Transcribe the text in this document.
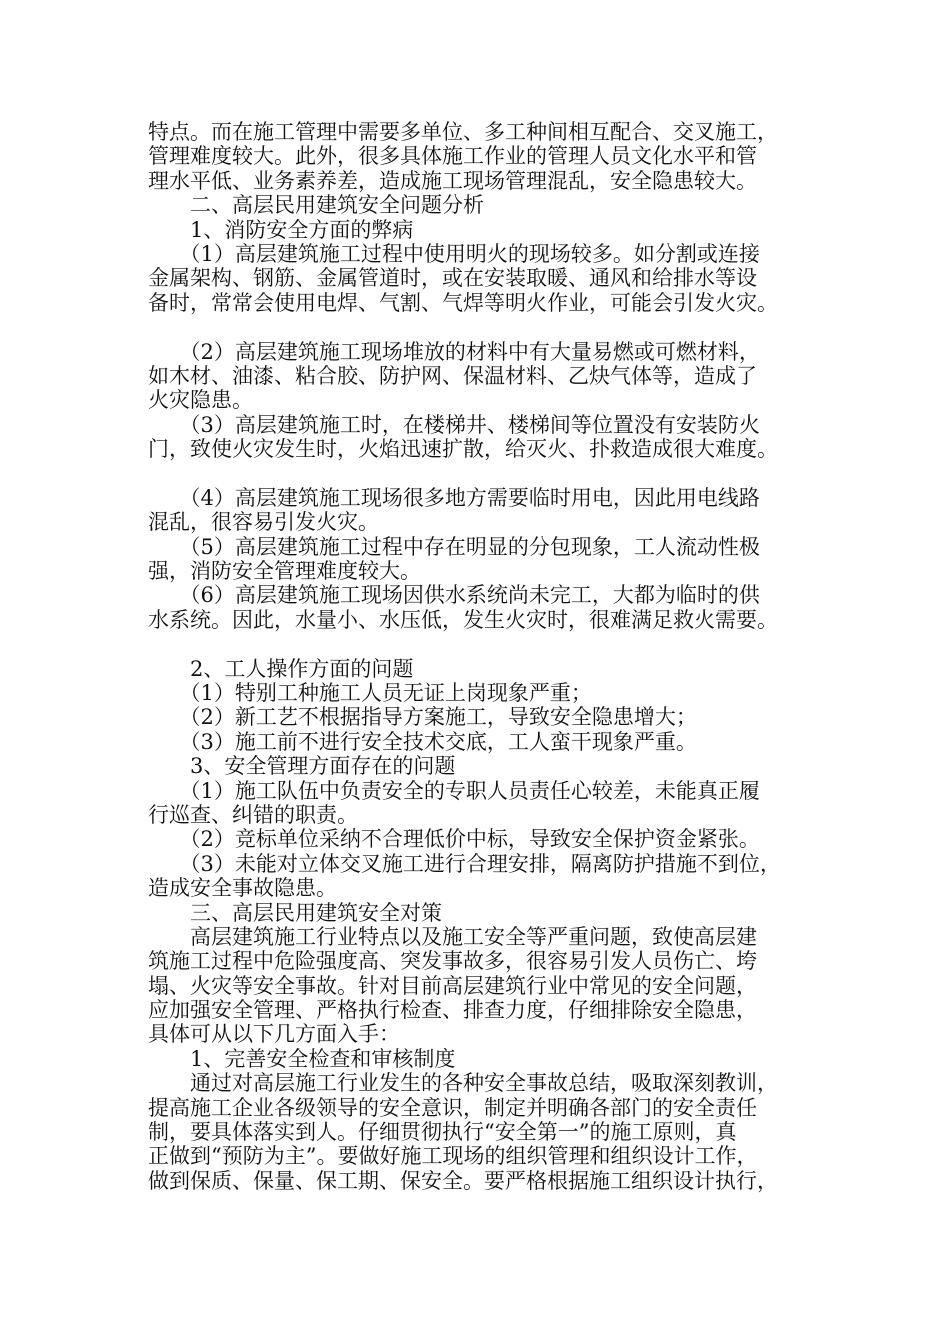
特点。而在施工管理中需要多单位、多工种间相互配合、交叉施工，
管理难度较大。此外，很多具体施工作业的管理人员文化水平和管
理水平低、业务素养差，造成施工现场管理混乱，安全隐患较大。
　　二、高层民用建筑安全问题分析
　　1、消防安全方面的弊病
　　（1）高层建筑施工过程中使用明火的现场较多。如分割或连接
金属架构、钢筋、金属管道时，或在安装取暖、通风和给排水等设
备时，常常会使用电焊、气割、气焊等明火作业，可能会引发火灾。
　　（2）高层建筑施工现场堆放的材料中有大量易燃或可燃材料，
如木材、油漆、粘合胶、防护网、保温材料、乙炔气体等，造成了
火灾隐患。
　　（3）高层建筑施工时，在楼梯井、楼梯间等位置没有安装防火
门，致使火灾发生时，火焰迅速扩散，给灭火、扑救造成很大难度。
　　（4）高层建筑施工现场很多地方需要临时用电，因此用电线路
混乱，很容易引发火灾。
　　（5）高层建筑施工过程中存在明显的分包现象，工人流动性极
强，消防安全管理难度较大。
　　（6）高层建筑施工现场因供水系统尚未完工，大都为临时的供
水系统。因此，水量小、水压低，发生火灾时，很难满足救火需要。
　　2、工人操作方面的问题
　　（1）特别工种施工人员无证上岗现象严重；
　　（2）新工艺不根据指导方案施工，导致安全隐患增大；
　　（3）施工前不进行安全技术交底，工人蛮干现象严重。
　　3、安全管理方面存在的问题
　　（1）施工队伍中负责安全的专职人员责任心较差，未能真正履
行巡查、纠错的职责。
　　（2）竞标单位采纳不合理低价中标，导致安全保护资金紧张。
　　（3）未能对立体交叉施工进行合理安排，隔离防护措施不到位，
造成安全事故隐患。
　　三、高层民用建筑安全对策
　　高层建筑施工行业特点以及施工安全等严重问题，致使高层建
筑施工过程中危险强度高、突发事故多，很容易引发人员伤亡、垮
塌、火灾等安全事故。针对目前高层建筑行业中常见的安全问题，
应加强安全管理、严格执行检查、排查力度，仔细排除安全隐患，
具体可从以下几方面入手：
　　1、完善安全检查和审核制度
　　通过对高层施工行业发生的各种安全事故总结，吸取深刻教训，
提高施工企业各级领导的安全意识，制定并明确各部门的安全责任
制，要具体落实到人。仔细贯彻执行“安全第一”的施工原则，真
正做到“预防为主”。要做好施工现场的组织管理和组织设计工作，
做到保质、保量、保工期、保安全。要严格根据施工组织设计执行，
